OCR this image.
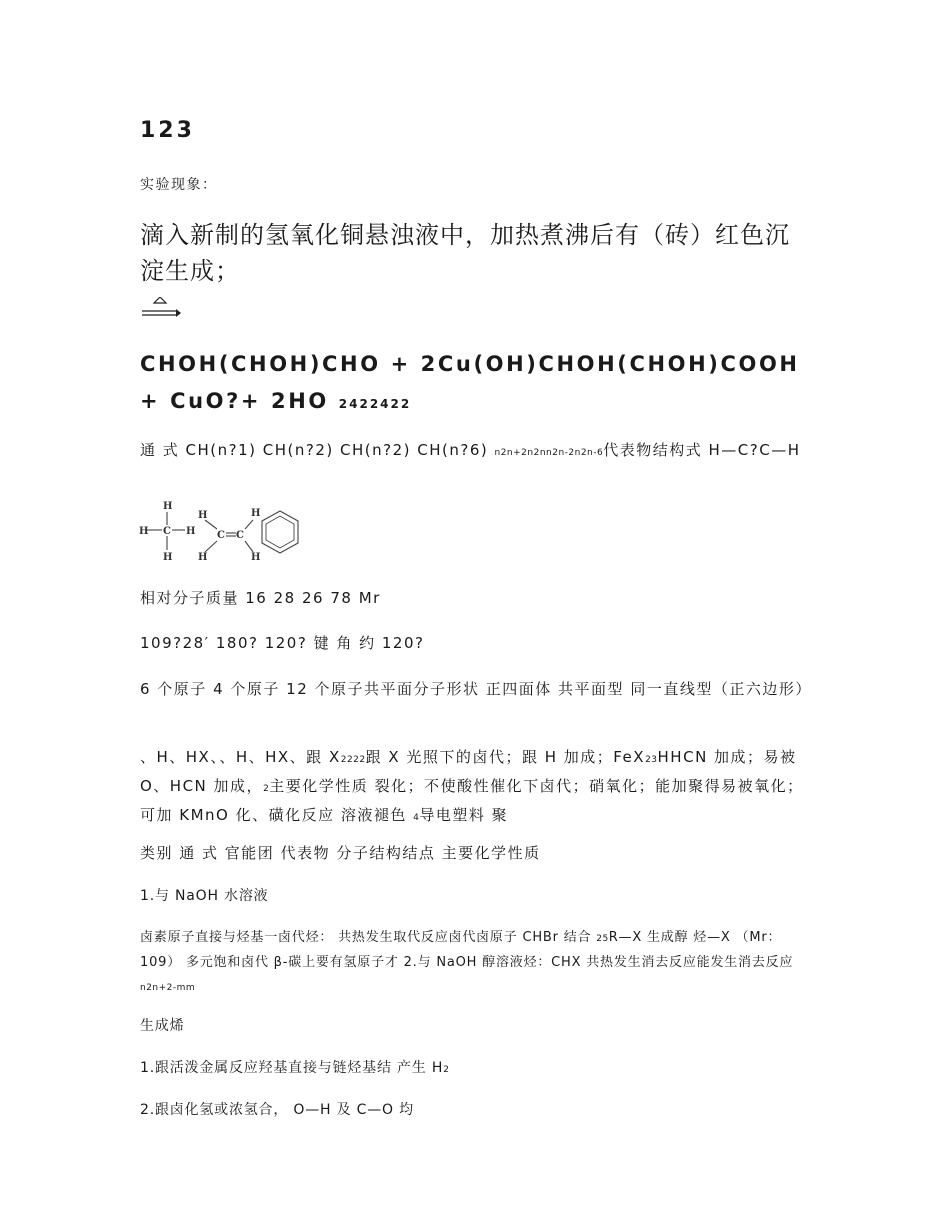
123
实验现象：
滴入新制的氢氧化铜悬浊液中，加热煮沸后有（砖）红色沉淀生成；
CHOH(CHOH)CHO + 2Cu(OH)CHOH(CHOH)COOH + CuO?+ 2HO 2422422
通 式 CH(n?1) CH(n?2) CH(n?2) CH(n?6) n2n+2n2nn2n-2n2n-6代表物结构式 H—C?C—H
H
H C H
H
H
C C
H
H
H
相对分子质量 16 28 26 78 Mr
109?28′ 180? 120? 键 角 约 120?
6 个原子 4 个原子 12 个原子共平面分子形状 正四面体 共平面型 同一直线型（正六边形）
、H、HX、、H、HX、跟 X2222跟 X 光照下的卤代；跟 H 加成；FeX23HHCN 加成；易被 O、HCN 加成，2主要化学性质 裂化；不使酸性催化下卤代；硝氧化；能加聚得易被氧化；可加 KMnO 化、磺化反应 溶液褪色 4导电塑料 聚
类别 通 式 官能团 代表物 分子结构结点 主要化学性质
1.与 NaOH 水溶液
卤素原子直接与烃基一卤代烃： 共热发生取代反应卤代卤原子 CHBr 结合 25R—X 生成醇 烃—X （Mr：109） 多元饱和卤代 β-碳上要有氢原子才 2.与 NaOH 醇溶液烃：CHX 共热发生消去反应能发生消去反应 n2n+2-mm
生成烯
1.跟活泼金属反应羟基直接与链烃基结 产生 H2
2.跟卤化氢或浓氢合， O—H 及 C—O 均
